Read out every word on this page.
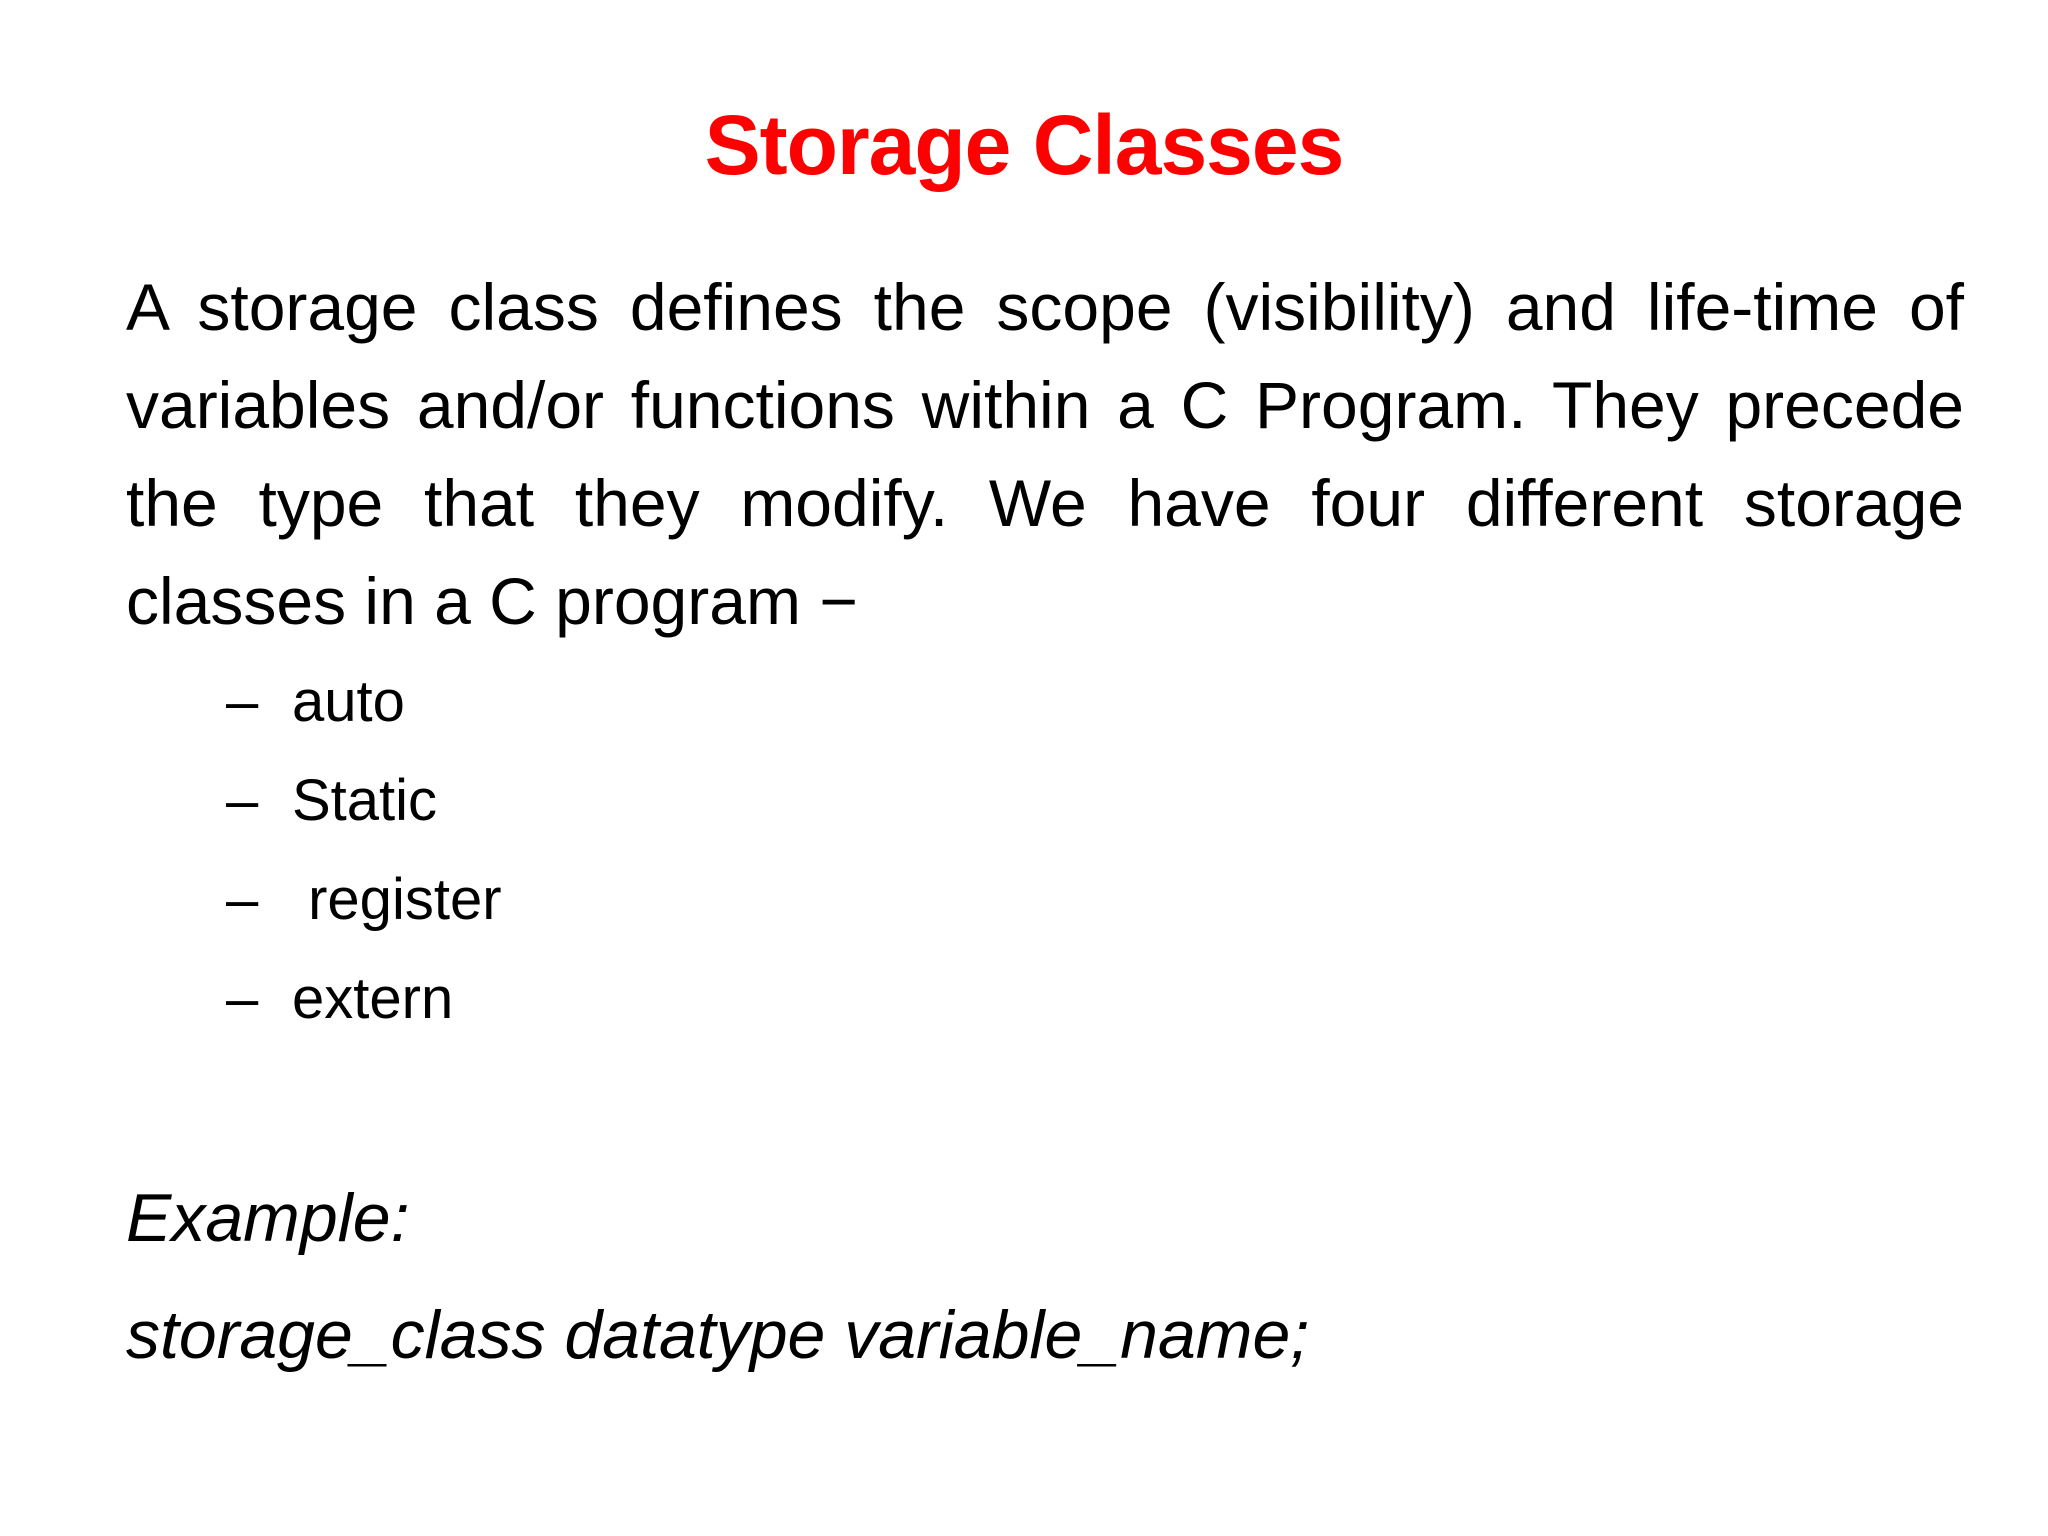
Storage Classes

A storage class defines the scope (visibility) and life-time of variables and/or functions within a C Program. They precede the type that they modify. We have four different storage classes in a C program −

– auto
– Static
– register
– extern

Example:

storage_class datatype variable_name;
